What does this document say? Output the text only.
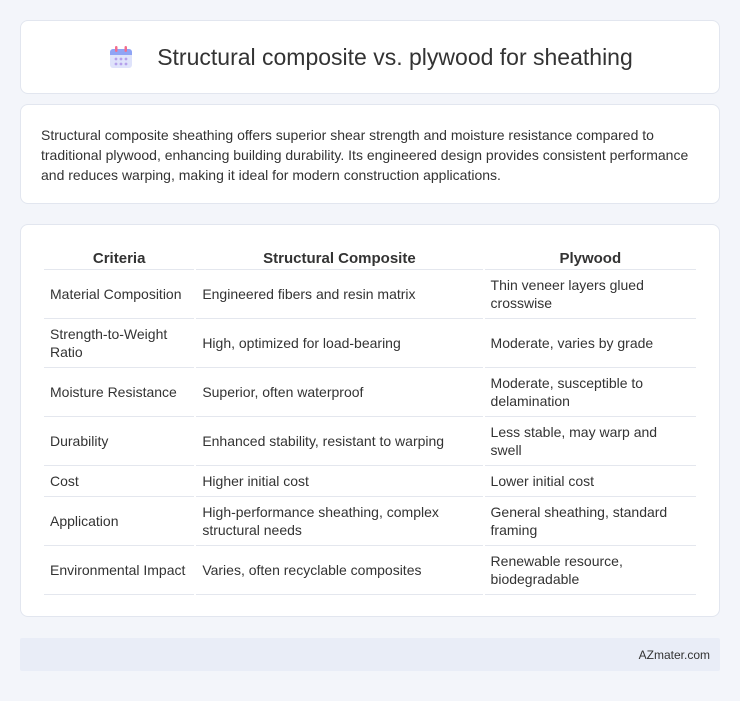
Structural composite vs. plywood for sheathing

Structural composite sheathing offers superior shear strength and moisture resistance compared to traditional plywood, enhancing building durability. Its engineered design provides consistent performance and reduces warping, making it ideal for modern construction applications.

Criteria	Structural Composite	Plywood
Material Composition	Engineered fibers and resin matrix	Thin veneer layers glued crosswise
Strength-to-Weight Ratio	High, optimized for load-bearing	Moderate, varies by grade
Moisture Resistance	Superior, often waterproof	Moderate, susceptible to delamination
Durability	Enhanced stability, resistant to warping	Less stable, may warp and swell
Cost	Higher initial cost	Lower initial cost
Application	High-performance sheathing, complex structural needs	General sheathing, standard framing
Environmental Impact	Varies, often recyclable composites	Renewable resource, biodegradable
AZmater.com
